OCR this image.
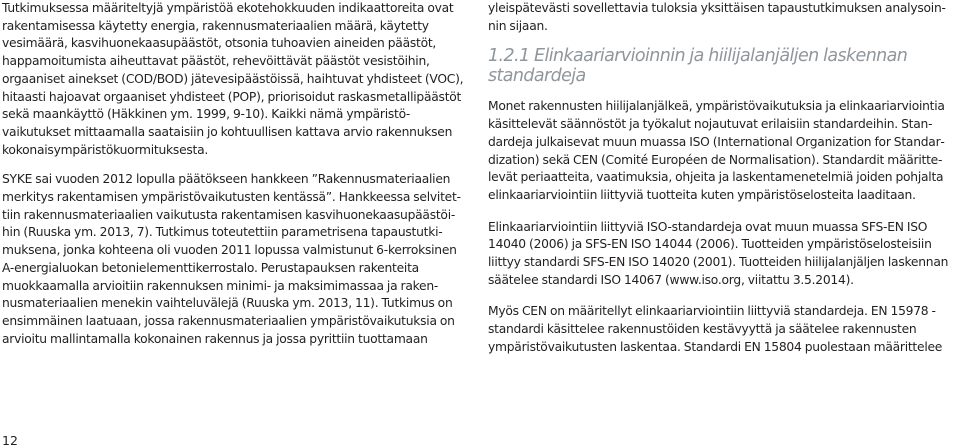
Tutkimuksessa määriteltyjä ympäristöä ekotehokkuuden indikaattoreita ovat rakentamisessa käytetty energia, rakennusmateriaalien määrä, käytetty vesimäärä, kasvihuonekaasupäästöt, otsonia tuhoavien aineiden päästöt, happamoitumista aiheuttavat päästöt, rehevöittävät päästöt vesistöihin, orgaaniset ainekset (COD/BOD) jätevesipäästöissä, haihtuvat yhdisteet (VOC), hitaasti hajoavat orgaaniset yhdisteet (POP), priorisoidut raskasmetallipäästöt sekä maankäyttö (Häkkinen ym. 1999, 9-10). Kaikki nämä ympäristövaikutukset mittaamalla saataisiin jo kohtuullisen kattava arvio rakennuksen kokonaisympäristökuormituksesta.

SYKE sai vuoden 2012 lopulla päätökseen hankkeen ”Rakennusmateriaalien merkitys rakentamisen ympäristövaikutusten kentässä”. Hankkeessa selvitettiin rakennusmateriaalien vaikutusta rakentamisen kasvihuonekaasupäästöihin (Ruuska ym. 2013, 7). Tutkimus toteutettiin parametrisena tapaustutkimuksena, jonka kohteena oli vuoden 2011 lopussa valmistunut 6-kerroksinen A-energialuokan betonielementtikerrostalo. Perustapauksen rakenteita muokkaamalla arvioitiin rakennuksen minimi- ja maksimimassaa ja rakennusmateriaalien menekin vaihteluvälejä (Ruuska ym. 2013, 11). Tutkimus on ensimmäinen laatuaan, jossa rakennusmateriaalien ympäristövaikutuksia on arvioitu mallintamalla kokonainen rakennus ja jossa pyrittiin tuottamaan

yleispätevästi sovellettavia tuloksia yksittäisen tapaustutkimuksen analysoinnin sijaan.

1.2.1 Elinkaariarvioinnin ja hiilijalanjäljen laskennan standardeja

Monet rakennusten hiilijalanjälkeä, ympäristövaikutuksia ja elinkaariarviointia käsittelevät säännöstöt ja työkalut nojautuvat erilaisiin standardeihin. Standardeja julkaisevat muun muassa ISO (International Organization for Standardization) sekä CEN (Comité Européen de Normalisation). Standardit määrittelevät periaatteita, vaatimuksia, ohjeita ja laskentamenetelmiä joiden pohjalta elinkaariarviointiin liittyviä tuotteita kuten ympäristöselosteita laaditaan.

Elinkaariarviointiin liittyviä ISO-standardeja ovat muun muassa SFS-EN ISO 14040 (2006) ja SFS-EN ISO 14044 (2006). Tuotteiden ympäristöselosteisiin liittyy standardi SFS-EN ISO 14020 (2001). Tuotteiden hiilijalanjäljen laskennan säätelee standardi ISO 14067 (www.iso.org, viitattu 3.5.2014).

Myös CEN on määritellyt elinkaariarviointiin liittyviä standardeja. EN 15978 -standardi käsittelee rakennustöiden kestävyyttä ja säätelee rakennusten ympäristövaikutusten laskentaa. Standardi EN 15804 puolestaan määrittelee

12
